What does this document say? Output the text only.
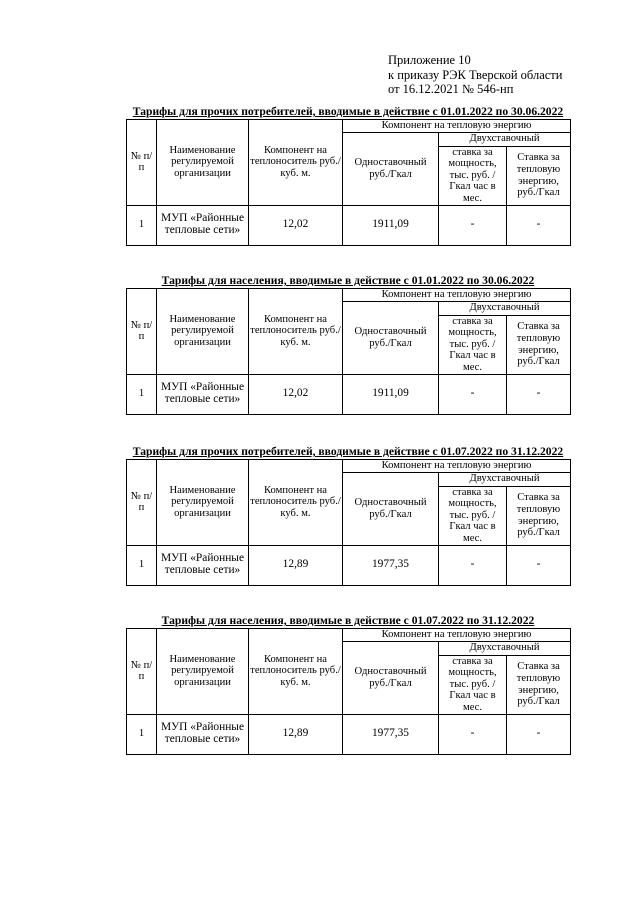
Приложение 10
к приказу РЭК Тверской области
от 16.12.2021 № 546-нп
Тарифы для прочих потребителей, вводимые в действие с 01.01.2022 по 30.06.2022
№ п/п	Наименование регулируемой организации	Компонент на теплоноситель руб./куб. м.	Компонент на тепловую энергию		
			Одноставочный руб./Гкал	Двухставочный	
				ставка за мощность, тыс. руб. /Гкал час в мес.	Ставка за тепловую энергию, руб./Гкал
1	МУП «Районные тепловые сети»	12,02	1911,09	-	-
Тарифы для населения, вводимые в действие с 01.01.2022 по 30.06.2022
№ п/п	Наименование регулируемой организации	Компонент на теплоноситель руб./куб. м.	Компонент на тепловую энергию		
			Одноставочный руб./Гкал	Двухставочный	
				ставка за мощность, тыс. руб. /Гкал час в мес.	Ставка за тепловую энергию, руб./Гкал
1	МУП «Районные тепловые сети»	12,02	1911,09	-	-
Тарифы для прочих потребителей, вводимые в действие с 01.07.2022 по 31.12.2022
№ п/п	Наименование регулируемой организации	Компонент на теплоноситель руб./куб. м.	Компонент на тепловую энергию		
			Одноставочный руб./Гкал	Двухставочный	
				ставка за мощность, тыс. руб. /Гкал час в мес.	Ставка за тепловую энергию, руб./Гкал
1	МУП «Районные тепловые сети»	12,89	1977,35	-	-
Тарифы для населения, вводимые в действие с 01.07.2022 по 31.12.2022
№ п/п	Наименование регулируемой организации	Компонент на теплоноситель руб./куб. м.	Компонент на тепловую энергию		
			Одноставочный руб./Гкал	Двухставочный	
				ставка за мощность, тыс. руб. /Гкал час в мес.	Ставка за тепловую энергию, руб./Гкал
1	МУП «Районные тепловые сети»	12,89	1977,35	-	-
